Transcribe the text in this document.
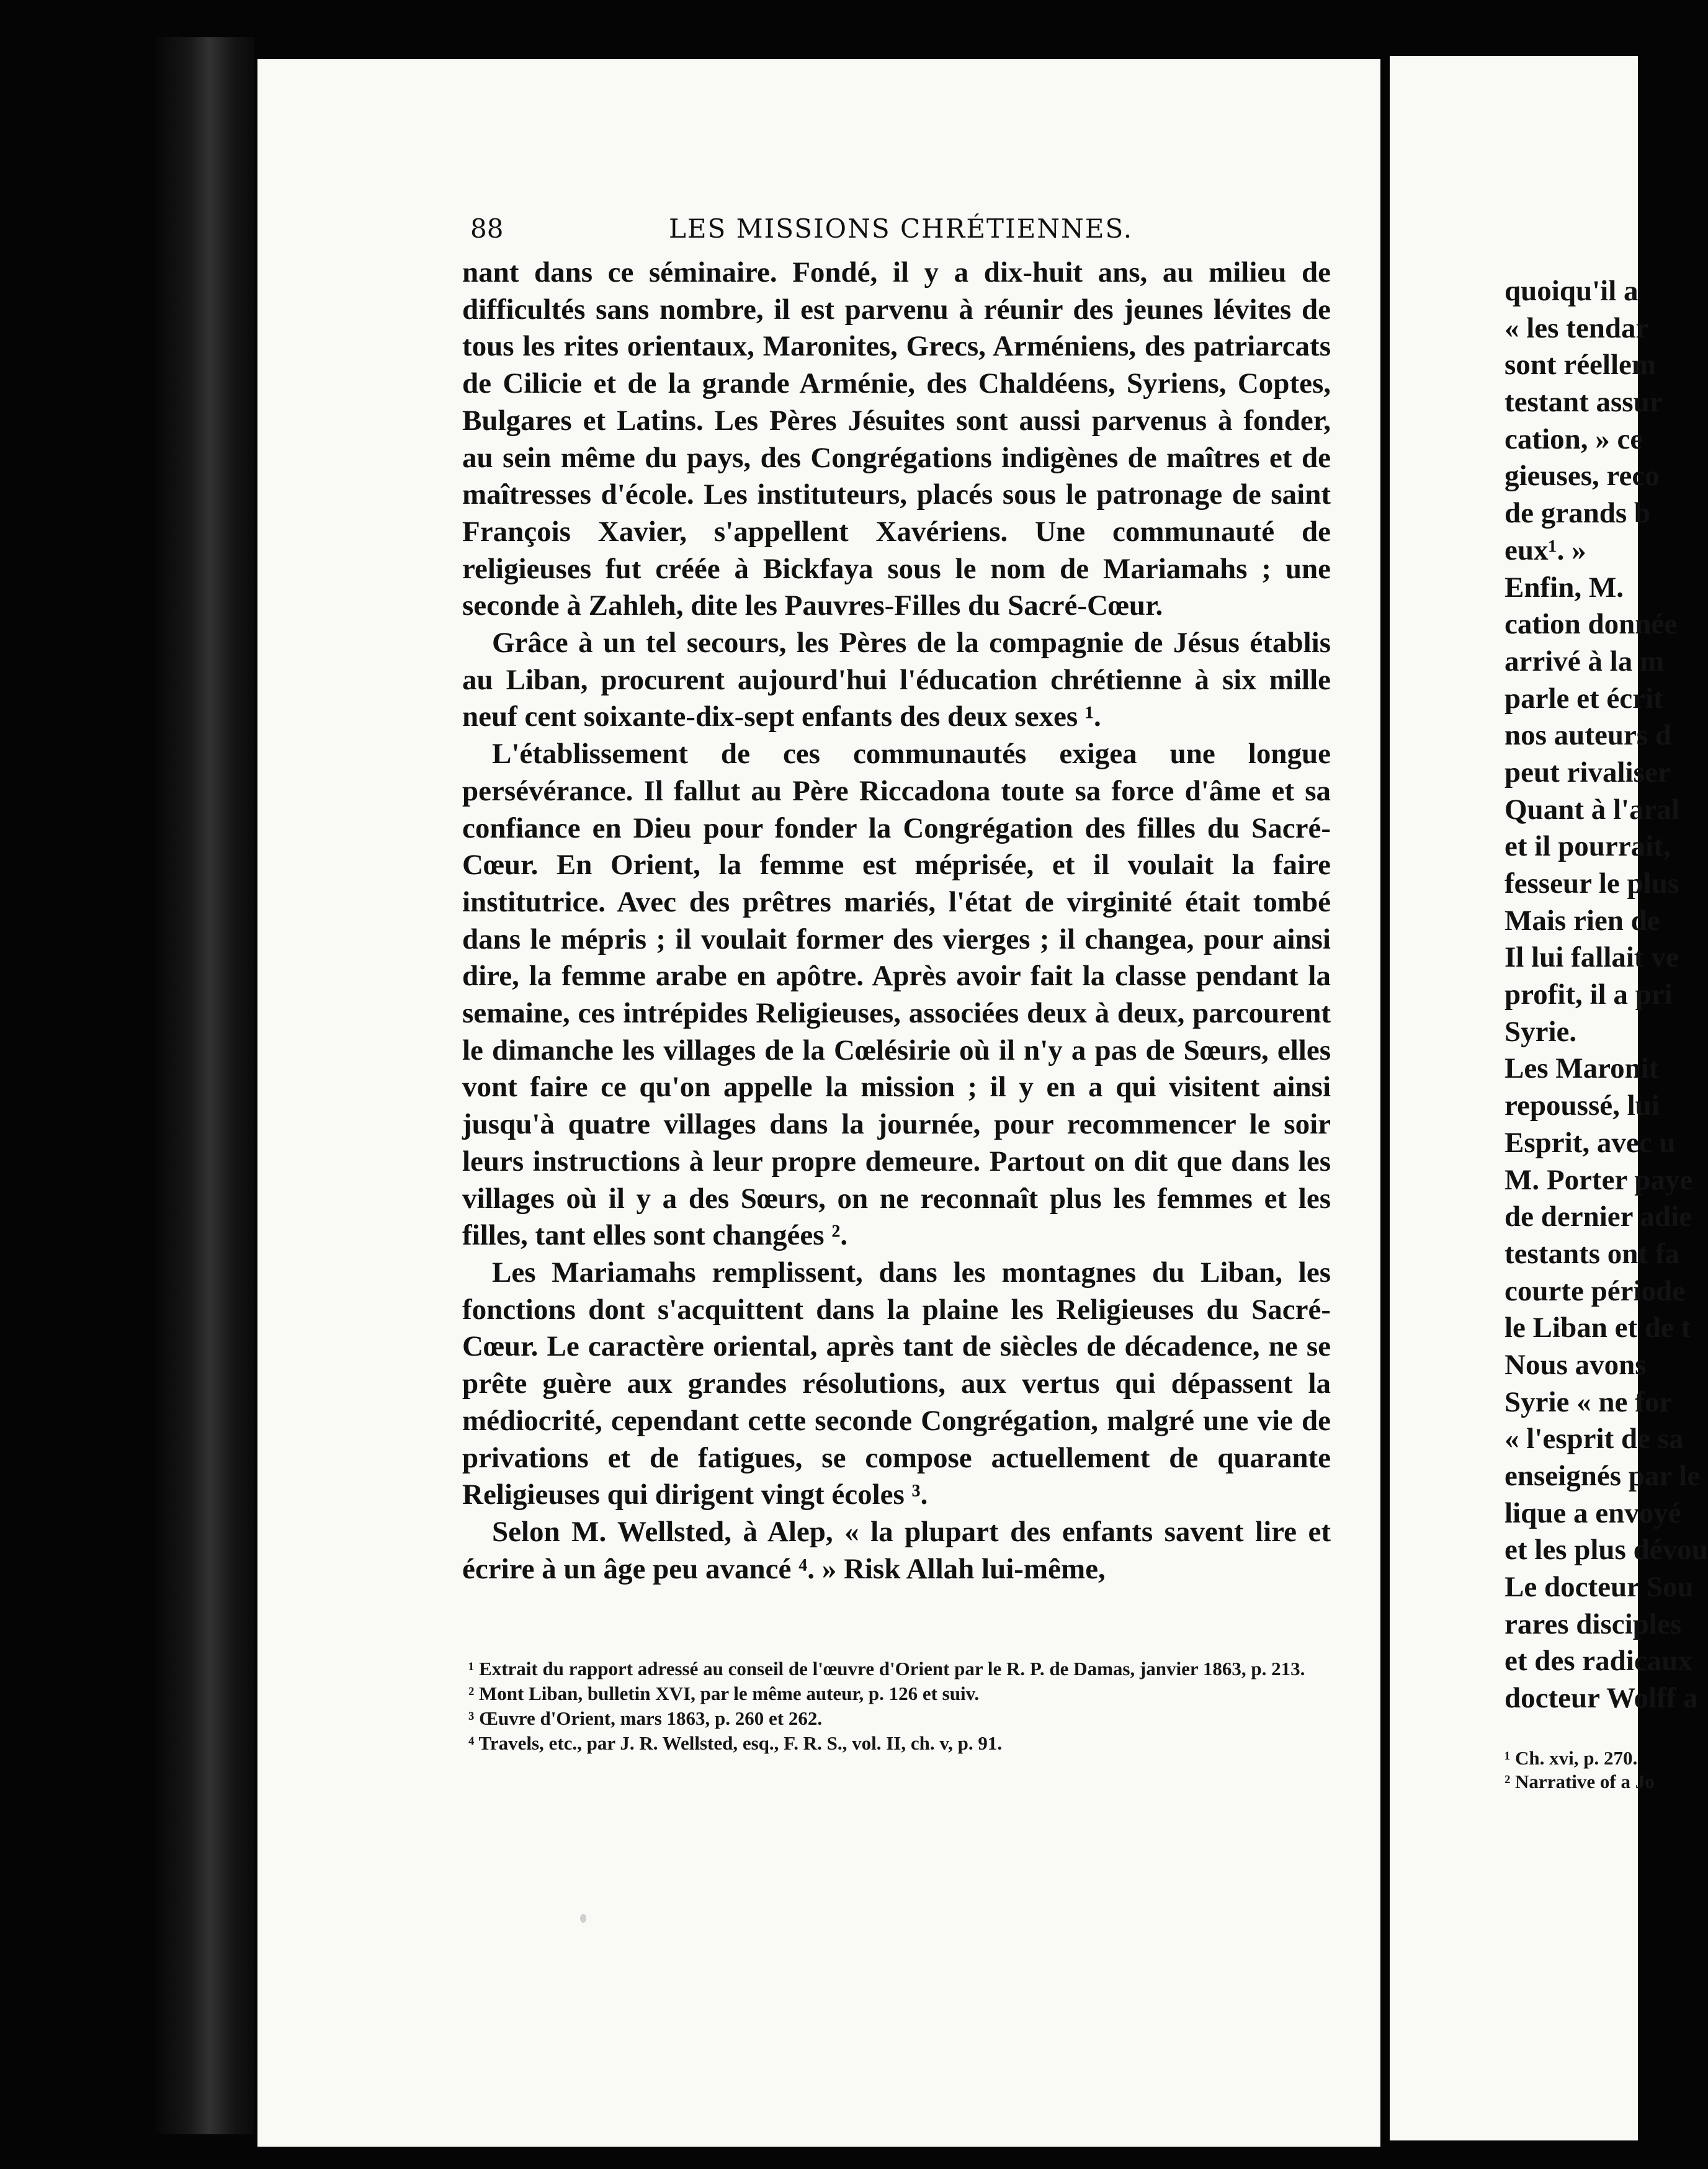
88	LES MISSIONS CHRÉTIENNES.

nant dans ce séminaire. Fondé, il y a dix-huit ans, au milieu de difficultés sans nombre, il est parvenu à réunir des jeunes lévites de tous les rites orientaux, Maronites, Grecs, Arméniens, des patriarcats de Cilicie et de la grande Arménie, des Chaldéens, Syriens, Coptes, Bulgares et Latins. Les Pères Jésuites sont aussi parvenus à fonder, au sein même du pays, des Congrégations indigènes de maîtres et de maîtresses d'école. Les instituteurs, placés sous le patronage de saint François Xavier, s'appellent Xavériens. Une communauté de religieuses fut créée à Bickfaya sous le nom de Mariamahs ; une seconde à Zahleh, dite les Pauvres-Filles du Sacré-Cœur.

Grâce à un tel secours, les Pères de la compagnie de Jésus établis au Liban, procurent aujourd'hui l'éducation chrétienne à six mille neuf cent soixante-dix-sept enfants des deux sexes ¹.

L'établissement de ces communautés exigea une longue persévérance. Il fallut au Père Riccadona toute sa force d'âme et sa confiance en Dieu pour fonder la Congrégation des filles du Sacré-Cœur. En Orient, la femme est méprisée, et il voulait la faire institutrice. Avec des prêtres mariés, l'état de virginité était tombé dans le mépris ; il voulait former des vierges ; il changea, pour ainsi dire, la femme arabe en apôtre. Après avoir fait la classe pendant la semaine, ces intrépides Religieuses, associées deux à deux, parcourent le dimanche les villages de la Cœlésirie où il n'y a pas de Sœurs, elles vont faire ce qu'on appelle la mission ; il y en a qui visitent ainsi jusqu'à quatre villages dans la journée, pour recommencer le soir leurs instructions à leur propre demeure. Partout on dit que dans les villages où il y a des Sœurs, on ne reconnaît plus les femmes et les filles, tant elles sont changées ².

Les Mariamahs remplissent, dans les montagnes du Liban, les fonctions dont s'acquittent dans la plaine les Religieuses du Sacré-Cœur. Le caractère oriental, après tant de siècles de décadence, ne se prête guère aux grandes résolutions, aux vertus qui dépassent la médiocrité, cependant cette seconde Congrégation, malgré une vie de privations et de fatigues, se compose actuellement de quarante Religieuses qui dirigent vingt écoles ³.

Selon M. Wellsted, à Alep, « la plupart des enfants savent lire et écrire à un âge peu avancé ⁴. » Risk Allah lui-même,

¹ Extrait du rapport adressé au conseil de l'œuvre d'Orient par le R. P. de Damas, janvier 1863, p. 213.

² Mont Liban, bulletin XVI, par le même auteur, p. 126 et suiv.

³ Œuvre d'Orient, mars 1863, p. 260 et 262.

⁴ Travels, etc., par J. R. Wellsted, esq., F. R. S., vol. II, ch. v, p. 91.

quoiqu'il a
« les tendar
sont réellem
testant assur
cation, » ce
gieuses, reco
de grands b
eux¹. »
Enfin, M.
cation donnée
arrivé à la m
parle et écrit
nos auteurs d
peut rivaliser
Quant à l'aral
et il pourrait,
fesseur le plus
Mais rien de
Il lui fallait ve
profit, il a pri
Syrie.
Les Maronit
repoussé, lui
Esprit, avec u
M. Porter paye
de dernier adie
testants ont fa
courte période
le Liban et de t
Nous avons
Syrie « ne for
« l'esprit de sa
enseignés par le
lique a envoyé
et les plus dévou
Le docteur Sou
rares disciples
et des radicaux
docteur Wolff a
¹ Ch. xvi, p. 270.
² Narrative of a Jo
